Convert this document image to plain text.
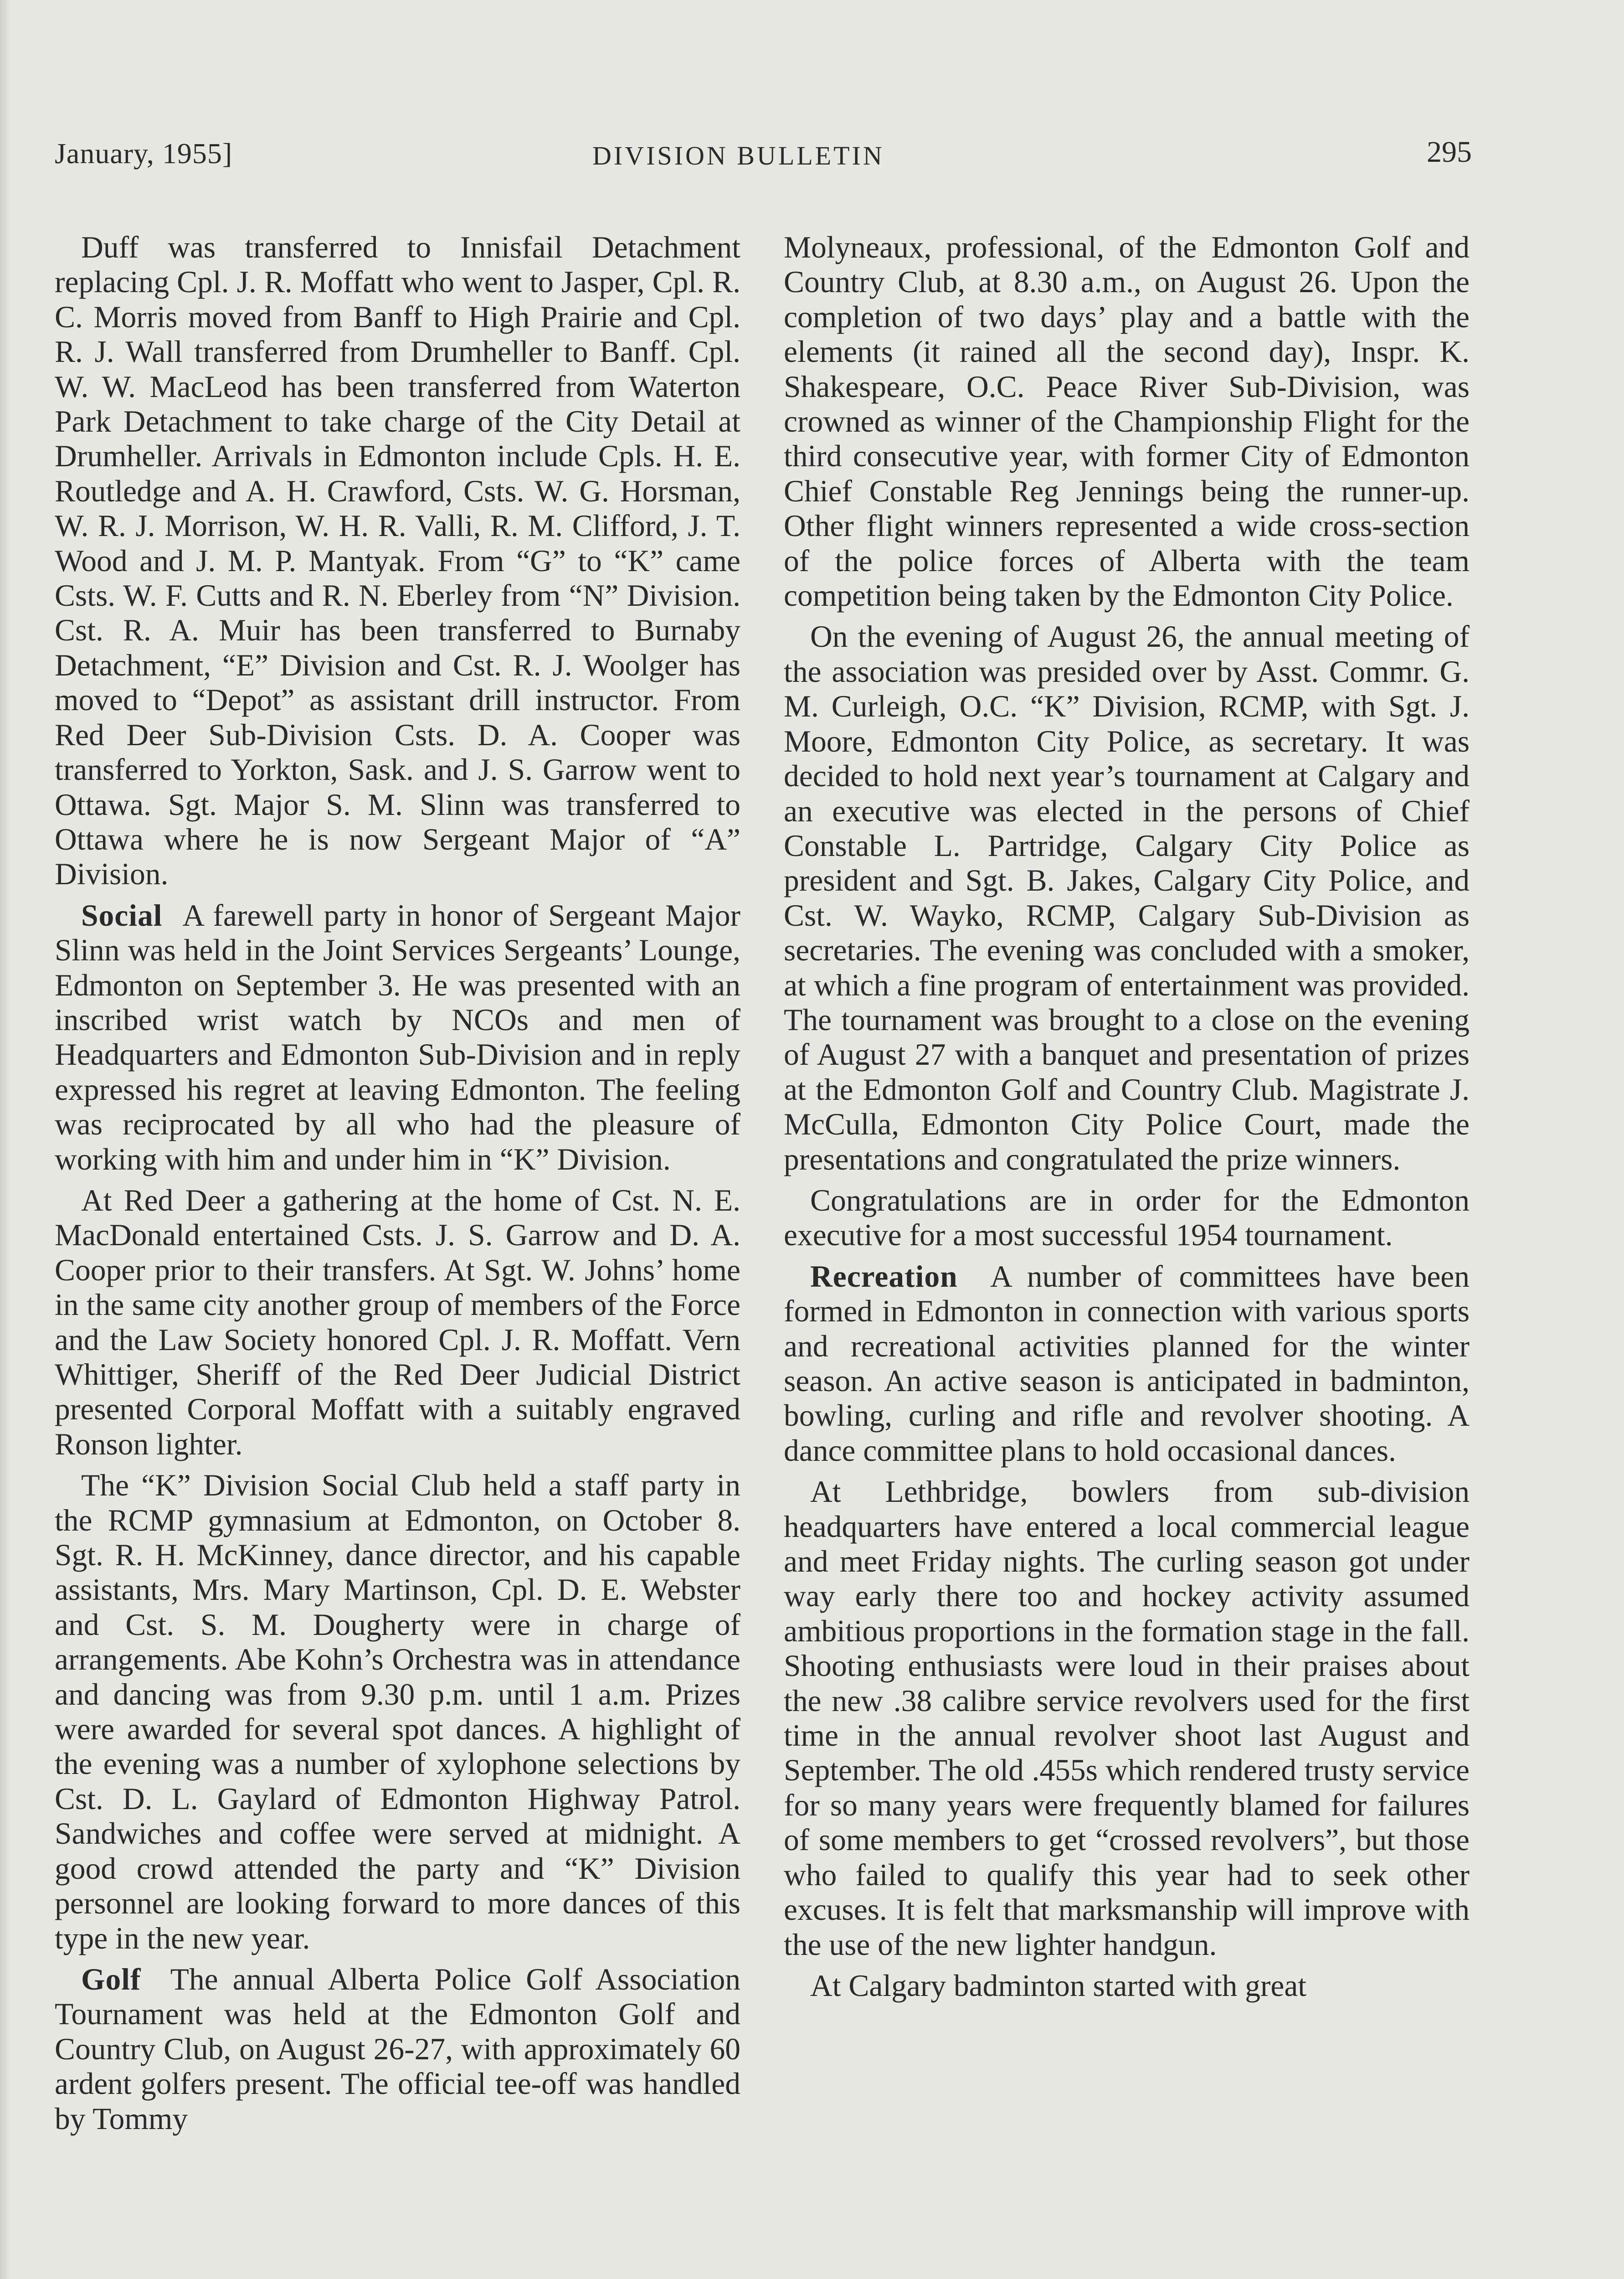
January, 1955]	DIVISION BULLETIN	295

Duff was transferred to Innisfail Detachment replacing Cpl. J. R. Moffatt who went to Jasper, Cpl. R. C. Morris moved from Banff to High Prairie and Cpl. R. J. Wall transferred from Drumheller to Banff. Cpl. W. W. MacLeod has been transferred from Waterton Park Detachment to take charge of the City Detail at Drumheller. Arrivals in Edmonton include Cpls. H. E. Routledge and A. H. Crawford, Csts. W. G. Horsman, W. R. J. Morrison, W. H. R. Valli, R. M. Clifford, J. T. Wood and J. M. P. Mantyak. From “G” to “K” came Csts. W. F. Cutts and R. N. Eberley from “N” Division. Cst. R. A. Muir has been transferred to Burnaby Detachment, “E” Division and Cst. R. J. Woolger has moved to “Depot” as assistant drill instructor. From Red Deer Sub-Division Csts. D. A. Cooper was transferred to Yorkton, Sask. and J. S. Garrow went to Ottawa. Sgt. Major S. M. Slinn was transferred to Ottawa where he is now Sergeant Major of “A” Division.

Social A farewell party in honor of Sergeant Major Slinn was held in the Joint Services Sergeants’ Lounge, Edmonton on September 3. He was presented with an inscribed wrist watch by NCOs and men of Headquarters and Edmonton Sub-Division and in reply expressed his regret at leaving Edmonton. The feeling was reciprocated by all who had the pleasure of working with him and under him in “K” Division.

At Red Deer a gathering at the home of Cst. N. E. MacDonald entertained Csts. J. S. Garrow and D. A. Cooper prior to their transfers. At Sgt. W. Johns’ home in the same city another group of members of the Force and the Law Society honored Cpl. J. R. Moffatt. Vern Whittiger, Sheriff of the Red Deer Judicial District presented Corporal Moffatt with a suitably engraved Ronson lighter.

The “K” Division Social Club held a staff party in the RCMP gymnasium at Edmonton, on October 8. Sgt. R. H. McKinney, dance director, and his capable assistants, Mrs. Mary Martinson, Cpl. D. E. Webster and Cst. S. M. Dougherty were in charge of arrangements. Abe Kohn’s Orchestra was in attendance and dancing was from 9.30 p.m. until 1 a.m. Prizes were awarded for several spot dances. A highlight of the evening was a number of xylophone selections by Cst. D. L. Gaylard of Edmonton Highway Patrol. Sandwiches and coffee were served at midnight. A good crowd attended the party and “K” Division personnel are looking forward to more dances of this type in the new year.

Golf The annual Alberta Police Golf Association Tournament was held at the Edmonton Golf and Country Club, on August 26-27, with approximately 60 ardent golfers present. The official tee-off was handled by Tommy

Molyneaux, professional, of the Edmonton Golf and Country Club, at 8.30 a.m., on August 26. Upon the completion of two days’ play and a battle with the elements (it rained all the second day), Inspr. K. Shakespeare, O.C. Peace River Sub-Division, was crowned as winner of the Championship Flight for the third consecutive year, with former City of Edmonton Chief Constable Reg Jennings being the runner-up. Other flight winners represented a wide cross-section of the police forces of Alberta with the team competition being taken by the Edmonton City Police.

On the evening of August 26, the annual meeting of the association was presided over by Asst. Commr. G. M. Curleigh, O.C. “K” Division, RCMP, with Sgt. J. Moore, Edmonton City Police, as secretary. It was decided to hold next year’s tournament at Calgary and an executive was elected in the persons of Chief Constable L. Partridge, Calgary City Police as president and Sgt. B. Jakes, Calgary City Police, and Cst. W. Wayko, RCMP, Calgary Sub-Division as secretaries. The evening was concluded with a smoker, at which a fine program of entertainment was provided. The tournament was brought to a close on the evening of August 27 with a banquet and presentation of prizes at the Edmonton Golf and Country Club. Magistrate J. McCulla, Edmonton City Police Court, made the presentations and congratulated the prize winners.

Congratulations are in order for the Edmonton executive for a most successful 1954 tournament.

Recreation A number of committees have been formed in Edmonton in connection with various sports and recreational activities planned for the winter season. An active season is anticipated in badminton, bowling, curling and rifle and revolver shooting. A dance committee plans to hold occasional dances.

At Lethbridge, bowlers from sub-division headquarters have entered a local commercial league and meet Friday nights. The curling season got under way early there too and hockey activity assumed ambitious proportions in the formation stage in the fall. Shooting enthusiasts were loud in their praises about the new .38 calibre service revolvers used for the first time in the annual revolver shoot last August and September. The old .455s which rendered trusty service for so many years were frequently blamed for failures of some members to get “crossed revolvers”, but those who failed to qualify this year had to seek other excuses. It is felt that marksmanship will improve with the use of the new lighter handgun.

At Calgary badminton started with great
